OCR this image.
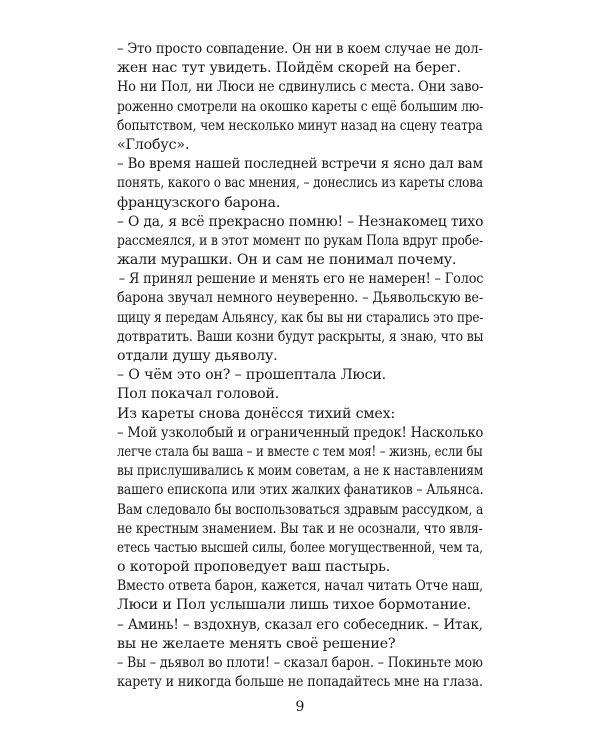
– Это просто совпадение. Он ни в коем случае не дол-
жен нас тут увидеть. Пойдём скорей на берег.
Но ни Пол, ни Люси не сдвинулись с места. Они заво-
роженно смотрели на окошко кареты с ещё большим лю-
бопытством, чем несколько минут назад на сцену театра
«Глобус».
– Во время нашей последней встречи я ясно дал вам
понять, какого о вас мнения, – донеслись из кареты слова
французского барона.
– О да, я всё прекрасно помню! – Незнакомец тихо
рассмеялся, и в этот момент по рукам Пола вдруг пробе-
жали мурашки. Он и сам не понимал почему.
– Я принял решение и менять его не намерен! – Голос
барона звучал немного неуверенно. – Дьявольскую ве-
щицу я передам Альянсу, как бы вы ни старались это пре-
дотвратить. Ваши козни будут раскрыты, я знаю, что вы
отдали душу дьяволу.
– О чём это он? – прошептала Люси.
Пол покачал головой.
Из кареты снова донёсся тихий смех:
– Мой узколобый и ограниченный предок! Насколько
легче стала бы ваша – и вместе с тем моя! – жизнь, если бы
вы прислушивались к моим советам, а не к наставлениям
вашего епископа или этих жалких фанатиков – Альянса.
Вам следовало бы воспользоваться здравым рассудком, а
не крестным знамением. Вы так и не осознали, что явля-
етесь частью высшей силы, более могущественной, чем та,
о которой проповедует ваш пастырь.
Вместо ответа барон, кажется, начал читать Отче наш,
Люси и Пол услышали лишь тихое бормотание.
– Аминь! – вздохнув, сказал его собеседник. – Итак,
вы не желаете менять своё решение?
– Вы – дьявол во плоти! – сказал барон. – Покиньте мою
карету и никогда больше не попадайтесь мне на глаза.
9
